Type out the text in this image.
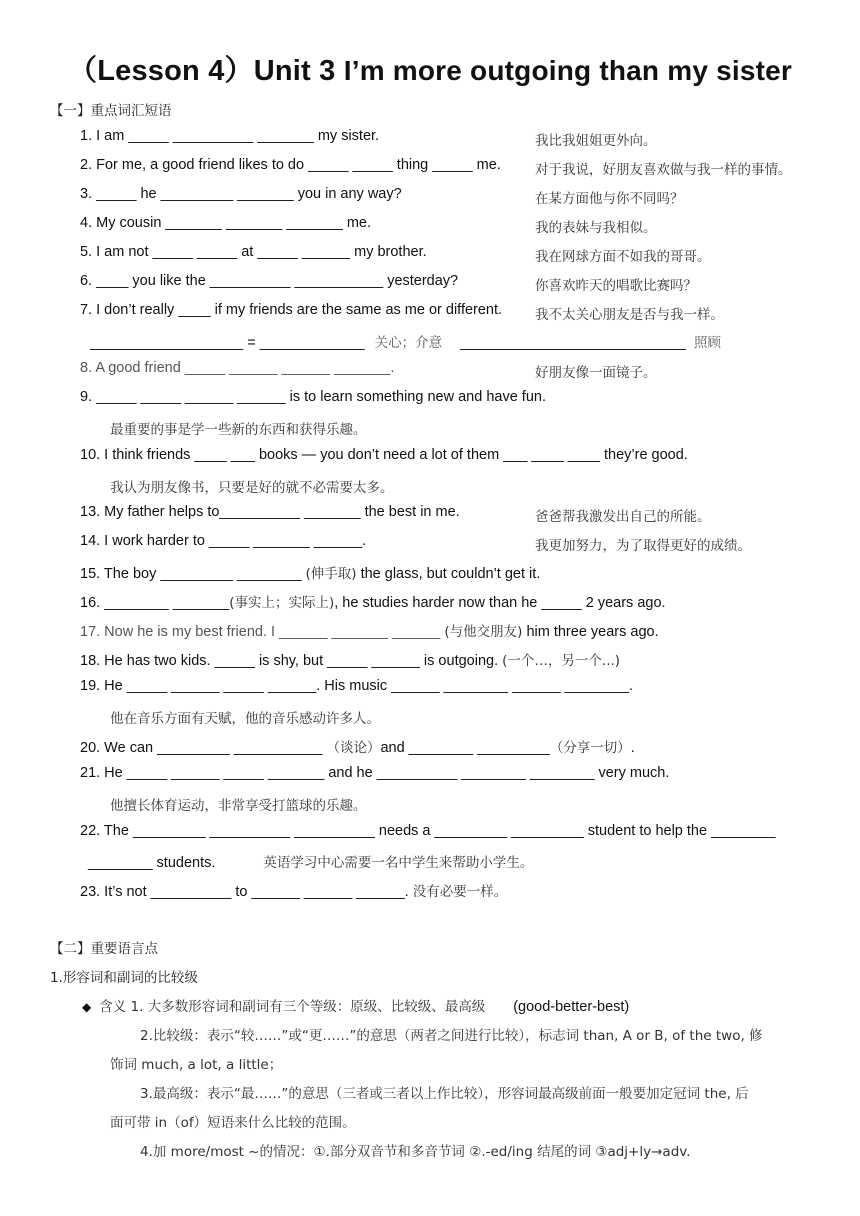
（Lesson 4）Unit 3 I’m more outgoing than my sister
【一】重点词汇短语
1. I am _____ __________ _______ my sister.	我比我姐姐更外向。
2. For me, a good friend likes to do _____ _____ thing _____ me.	对于我说，好朋友喜欢做与我一样的事情。
3. _____ he _________ _______ you in any way?	在某方面他与你不同吗？
4. My cousin _______ _______ _______ me.	我的表妹与我相似。
5. I am not _____ _____ at _____ ______ my brother.	我在网球方面不如我的哥哥。
6. ____ you like the __________ ___________ yesterday?	你喜欢昨天的唱歌比赛吗？
7. I don’t really ____ if my friends are the same as me or different. 我不太关心朋友是否与我一样。
___________________ = _____________ 关心；介意 ____________________________ 照顾
8. A good friend _____ ______ ______ _______.	好朋友像一面镜子。
9. _____ _____ ______ ______ is to learn something new and have fun.
最重要的事是学一些新的东西和获得乐趣。
10. I think friends ____ ___ books — you don’t need a lot of them ___ ____ ____ they’re good.
我认为朋友像书，只要是好的就不必需要太多。
13. My father helps to__________ _______ the best in me.	爸爸帮我激发出自己的所能。
14. I work harder to _____ _______ ______.	我更加努力，为了取得更好的成绩。
15. The boy _________ ________ (伸手取) the glass, but couldn’t get it.
16. ________ _______(事实上；实际上), he studies harder now than he _____ 2 years ago.
17. Now he is my best friend. I ______ _______ ______ (与他交朋友) him three years ago.
18. He has two kids. _____ is shy, but _____ ______ is outgoing. (一个…，另一个...)
19. He _____ ______ _____ ______. His music ______ ________ ______ ________.
他在音乐方面有天赋，他的音乐感动许多人。
20. We can _________ ___________ （谈论）and ________ _________（分享一切）.
21. He _____ ______ _____ _______ and he __________ ________ ________ very much.
他擅长体育运动，非常享受打篮球的乐趣。
22. The _________ __________ __________ needs a _________ _________ student to help the ________
________ students.	英语学习中心需要一名中学生来帮助小学生。
23. It’s not __________ to ______ ______ ______. 没有必要一样。
【二】重要语言点
1.形容词和副词的比较级
◆ 含义 1. 大多数形容词和副词有三个等级：原级、比较级、最高级 (good-better-best)
2.比较级：表示“较……”或“更……”的意思（两者之间进行比较），标志词 than, A or B, of the two, 修
饰词 much, a lot, a little；
3.最高级：表示“最……”的意思（三者或三者以上作比较），形容词最高级前面一般要加定冠词 the, 后
面可带 in（of）短语来什么比较的范围。
4.加 more/most ~的情况：①.部分双音节和多音节词 ②.-ed/ing 结尾的词 ③adj+ly→adv.
